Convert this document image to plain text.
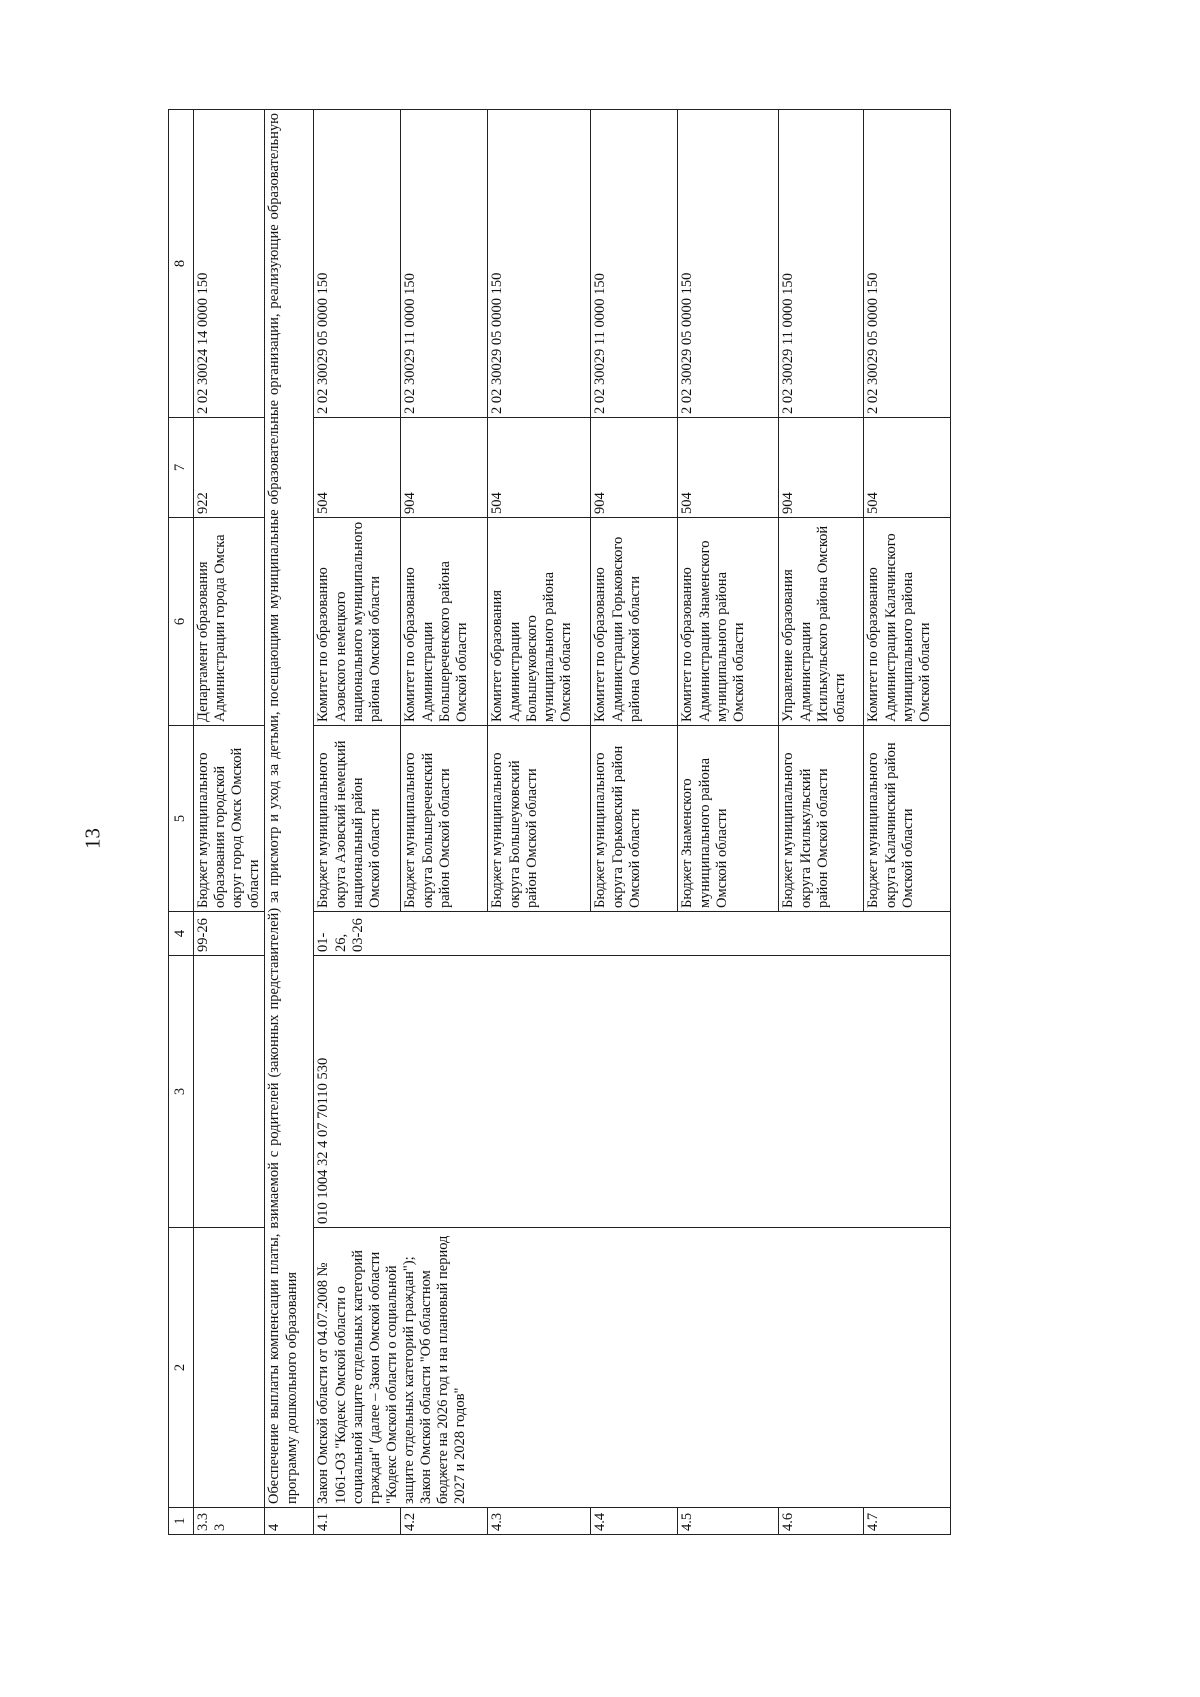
13
1	2	3	4	5	6	7	8
3.33			99-26	Бюджет муниципального образования городской округ город Омск Омской области	Департамент образования Администрации города Омска	922	2 02 30024 14 0000 150
4	Обеспечение выплаты компенсации платы, взимаемой с родителей (законных представителей) за присмотр и уход за детьми, посещающими муниципальные образовательные организации, реализующие образовательную программу дошкольного образования						
4.1	Закон Омской области от 04.07.2008 № 1061-ОЗ "Кодекс Омской области о социальной защите отдельных категорий граждан" (далее – Закон Омской области "Кодекс Омской области о социальной защите отдельных категорий граждан"); Закон Омской области "Об областном бюджете на 2026 год и на плановый период 2027 и 2028 годов"	010 1004 32 4 07 70110 530	01-26, 03-26	Бюджет муниципального округа Азовский немецкий национальный район Омской области	Комитет по образованию Азовского немецкого национального муниципального района Омской области	504	2 02 30029 05 0000 150
4.2				Бюджет муниципального округа Большереченский район Омской области	Комитет по образованию Администрации Большереченского района Омской области	904	2 02 30029 11 0000 150
4.3				Бюджет муниципального округа Большеуковский район Омской области	Комитет образования Администрации Большеуковского муниципального района Омской области	504	2 02 30029 05 0000 150
4.4				Бюджет муниципального округа Горьковский район Омской области	Комитет по образованию Администрации Горьковского района Омской области	904	2 02 30029 11 0000 150
4.5				Бюджет Знаменского муниципального района Омской области	Комитет по образованию Администрации Знаменского муниципального района Омской области	504	2 02 30029 05 0000 150
4.6				Бюджет муниципального округа Исилькульский район Омской области	Управление образования Администрации Исилькульского района Омской области	904	2 02 30029 11 0000 150
4.7				Бюджет муниципального округа Калачинский район Омской области	Комитет по образованию Администрации Калачинского муниципального района Омской области	504	2 02 30029 05 0000 150
